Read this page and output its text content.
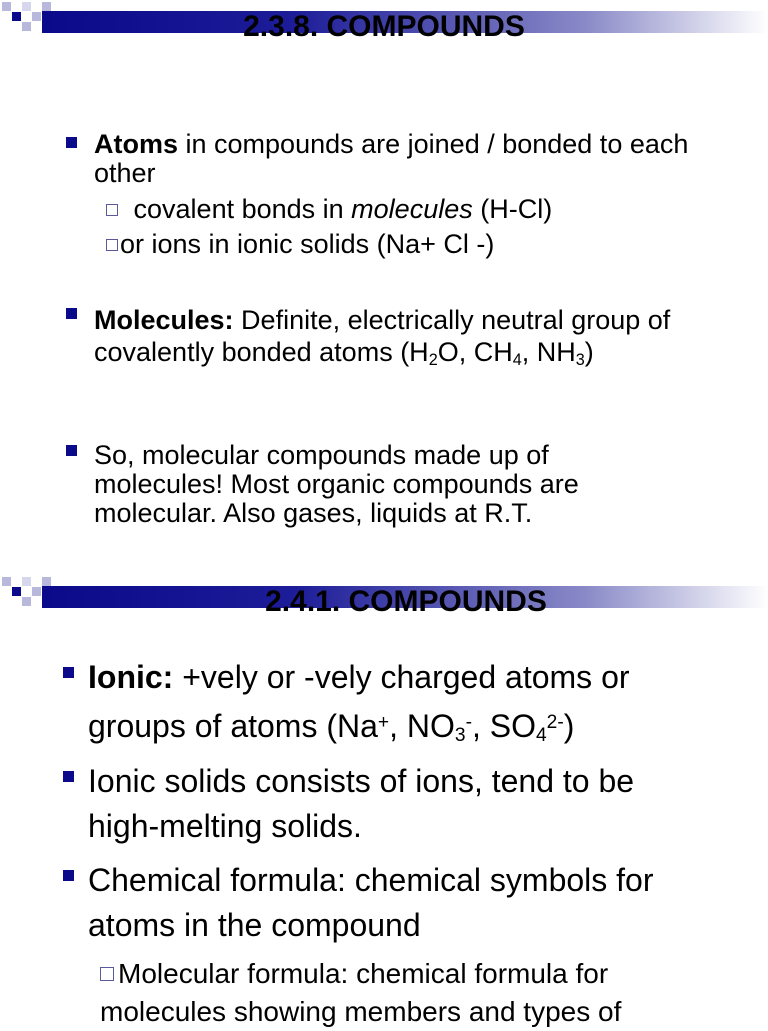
2.3.8. COMPOUNDS
Atoms in compounds are joined / bonded to each other
covalent bonds in molecules (H-Cl)
or ions in ionic solids (Na+ Cl -)
Molecules: Definite, electrically neutral group of covalently bonded atoms ($H_2O$, $CH_4$, $NH_3$)
So, molecular compounds made up of molecules! Most organic compounds are molecular. Also gases, liquids at R.T.
2.4.1. COMPOUNDS
Ionic: +vely or -vely charged atoms or groups of atoms (Na+, $NO_3^-$, $SO_4^{2-}$)
Ionic solids consists of ions, tend to be high-melting solids.
Chemical formula: chemical symbols for atoms in the compound
Molecular formula: chemical formula for molecules showing members and types of
